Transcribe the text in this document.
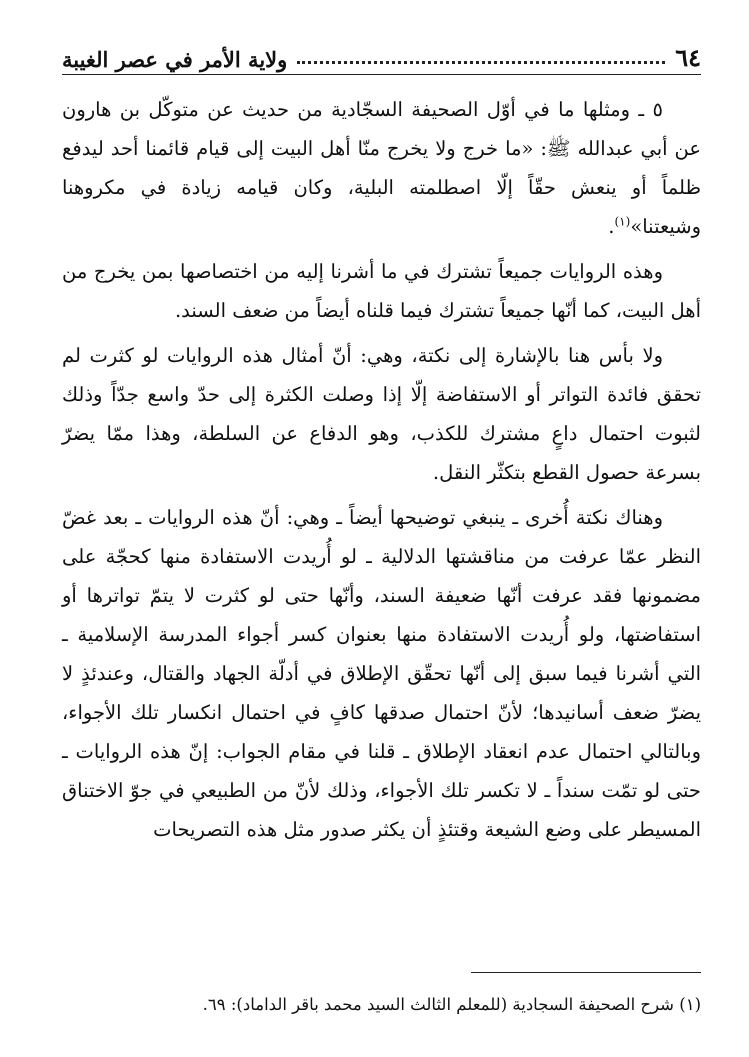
٦٤
ولاية الأمر في عصر الغيبة

٥ ـ ومثلها ما في أوّل الصحيفة السجّادية من حديث عن متوكّل بن هارون عن أبي عبدالله ﷺ: «ما خرج ولا يخرج منّا أهل البيت إلى قيام قائمنا أحد ليدفع ظلماً أو ينعش حقّاً إلّا اصطلمته البلية، وكان قيامه زيادة في مكروهنا وشيعتنا»$^{(١)}$.

وهذه الروايات جميعاً تشترك في ما أشرنا إليه من اختصاصها بمن يخرج من أهل البيت، كما أنّها جميعاً تشترك فيما قلناه أيضاً من ضعف السند.

ولا بأس هنا بالإشارة إلى نكتة، وهي: أنّ أمثال هذه الروايات لو كثرت لم تحقق فائدة التواتر أو الاستفاضة إلّا إذا وصلت الكثرة إلى حدّ واسع جدّاً وذلك لثبوت احتمال داعٍ مشترك للكذب، وهو الدفاع عن السلطة، وهذا ممّا يضرّ بسرعة حصول القطع بتكثّر النقل.

وهناك نكتة أُخرى ـ ينبغي توضيحها أيضاً ـ وهي: أنّ هذه الروايات ـ بعد غضّ النظر عمّا عرفت من مناقشتها الدلالية ـ لو أُريدت الاستفادة منها كحجّة على مضمونها فقد عرفت أنّها ضعيفة السند، وأنّها حتى لو كثرت لا يتمّ تواترها أو استفاضتها، ولو أُريدت الاستفادة منها بعنوان كسر أجواء المدرسة الإسلامية ـ التي أشرنا فيما سبق إلى أنّها تحقّق الإطلاق في أدلّة الجهاد والقتال، وعندئذٍ لا يضرّ ضعف أسانيدها؛ لأنّ احتمال صدقها كافٍ في احتمال انكسار تلك الأجواء، وبالتالي احتمال عدم انعقاد الإطلاق ـ قلنا في مقام الجواب: إنّ هذه الروايات ـ حتى لو تمّت سنداً ـ لا تكسر تلك الأجواء، وذلك لأنّ من الطبيعي في جوّ الاختناق المسيطر على وضع الشيعة وقتئذٍ أن يكثر صدور مثل هذه التصريحات

(١) شرح الصحيفة السجادية (للمعلم الثالث السيد محمد باقر الداماد): ٦٩.
